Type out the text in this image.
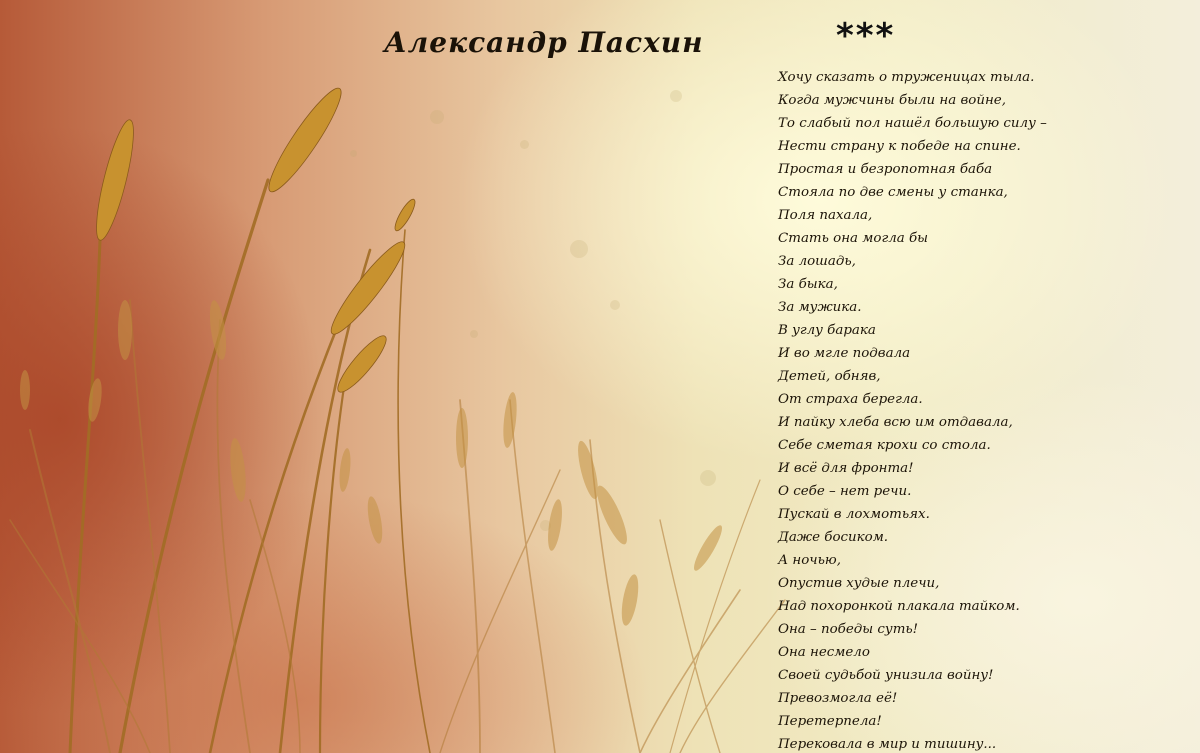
Александр Пасхин	***
Хочу сказать о труженицах тыла.
Когда мужчины были на войне,
То слабый пол нашёл большую силу –
Нести страну к победе на спине.
Простая и безропотная баба
Стояла по две смены у станка,
Поля пахала,
Стать она могла бы
За лошадь,
За быка,
За мужика.
В углу барака
И во мгле подвала
Детей, обняв,
От страха берегла.
И пайку хлеба всю им отдавала,
Себе сметая крохи со стола.
И всё для фронта!
О себе – нет речи.
Пускай в лохмотьях.
Даже босиком.
А ночью,
Опустив худые плечи,
Над похоронкой плакала тайком.
Она – победы суть!
Она несмело
Своей судьбой унизила войну!
Превозмогла её!
Перетерпела!
Перековала в мир и тишину...
